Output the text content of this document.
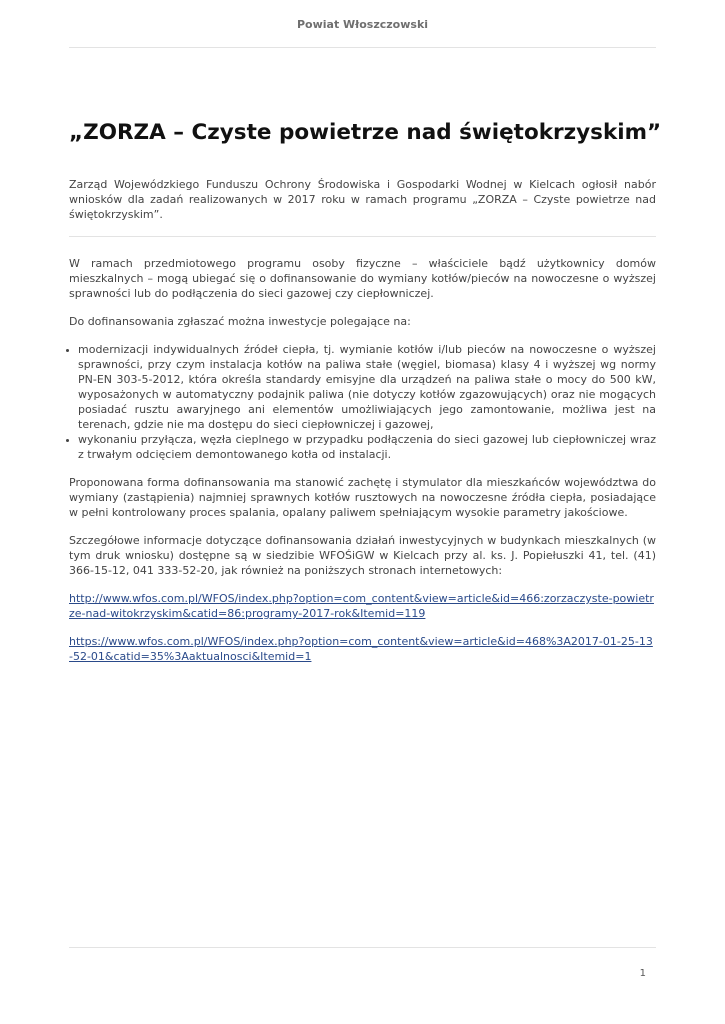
Powiat Włoszczowski
„ZORZA – Czyste powietrze nad świętokrzyskim”

Zarząd Wojewódzkiego Funduszu Ochrony Środowiska i Gospodarki Wodnej w Kielcach ogłosił nabór wniosków dla zadań realizowanych w 2017 roku w ramach programu „ZORZA – Czyste powietrze nad świętokrzyskim”.

W ramach przedmiotowego programu osoby fizyczne – właściciele bądź użytkownicy domów mieszkalnych – mogą ubiegać się o dofinansowanie do wymiany kotłów/pieców na nowoczesne o wyższej sprawności lub do podłączenia do sieci gazowej czy ciepłowniczej.

Do dofinansowania zgłaszać można inwestycje polegające na:

• modernizacji indywidualnych źródeł ciepła, tj. wymianie kotłów i/lub pieców na nowoczesne o wyższej sprawności, przy czym instalacja kotłów na paliwa stałe (węgiel, biomasa) klasy 4 i wyższej wg normy PN-EN 303-5-2012, która określa standardy emisyjne dla urządzeń na paliwa stałe o mocy do 500 kW, wyposażonych w automatyczny podajnik paliwa (nie dotyczy kotłów zgazowujących) oraz nie mogących posiadać rusztu awaryjnego ani elementów umożliwiających jego zamontowanie, możliwa jest na terenach, gdzie nie ma dostępu do sieci ciepłowniczej i gazowej,
• wykonaniu przyłącza, węzła cieplnego w przypadku podłączenia do sieci gazowej lub ciepłowniczej wraz z trwałym odcięciem demontowanego kotła od instalacji.

Proponowana forma dofinansowania ma stanowić zachętę i stymulator dla mieszkańców województwa do wymiany (zastąpienia) najmniej sprawnych kotłów rusztowych na nowoczesne źródła ciepła, posiadające w pełni kontrolowany proces spalania, opalany paliwem spełniającym wysokie parametry jakościowe.

Szczegółowe informacje dotyczące dofinansowania działań inwestycyjnych w budynkach mieszkalnych (w tym druk wniosku) dostępne są w siedzibie WFOŚiGW w Kielcach przy al. ks. J. Popiełuszki 41, tel. (41) 366-15-12, 041 333-52-20, jak również na poniższych stronach internetowych:

http://www.wfos.com.pl/WFOS/index.php?option=com_content&view=article&id=466:zorzaczyste-powietrze-nad-witokrzyskim&catid=86:programy-2017-rok&Itemid=119

https://www.wfos.com.pl/WFOS/index.php?option=com_content&view=article&id=468%3A2017-01-25-13-52-01&catid=35%3Aaktualnosci&Itemid=1

1
